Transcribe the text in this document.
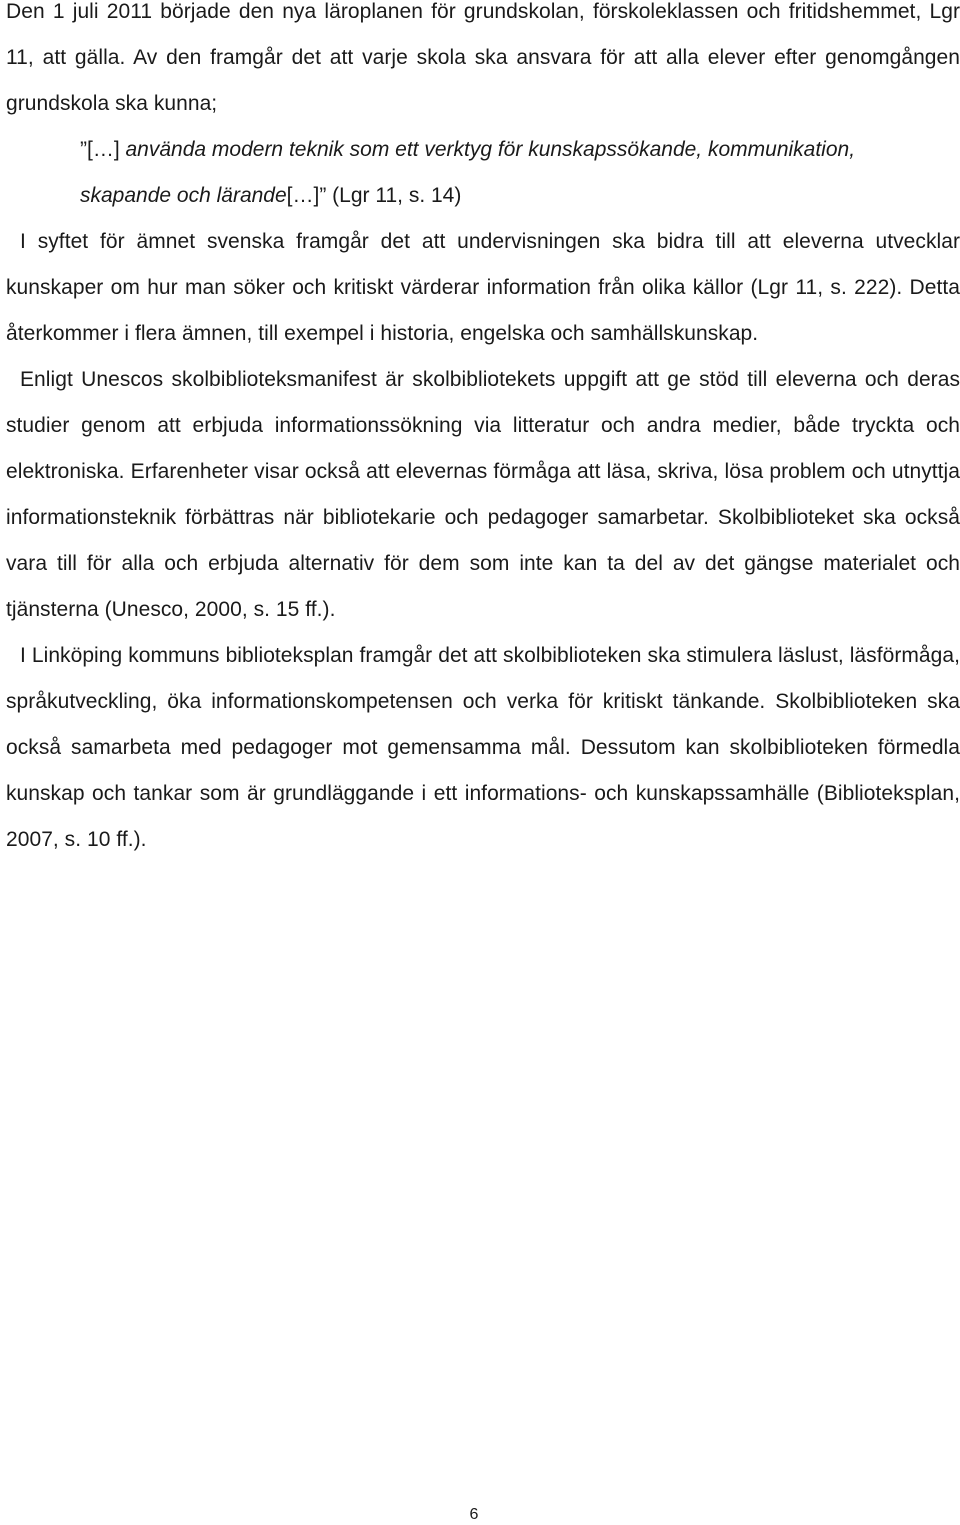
Den 1 juli 2011 började den nya läroplanen för grundskolan, förskoleklassen och fritidshemmet, Lgr 11, att gälla. Av den framgår det att varje skola ska ansvara för att alla elever efter genomgången grundskola ska kunna;

”[…] använda modern teknik som ett verktyg för kunskapssökande, kommunikation, skapande och lärande[…]” (Lgr 11, s. 14)

I syftet för ämnet svenska framgår det att undervisningen ska bidra till att eleverna utvecklar kunskaper om hur man söker och kritiskt värderar information från olika källor (Lgr 11, s. 222). Detta återkommer i flera ämnen, till exempel i historia, engelska och samhällskunskap.

Enligt Unescos skolbiblioteksmanifest är skolbibliotekets uppgift att ge stöd till eleverna och deras studier genom att erbjuda informationssökning via litteratur och andra medier, både tryckta och elektroniska. Erfarenheter visar också att elevernas förmåga att läsa, skriva, lösa problem och utnyttja informationsteknik förbättras när bibliotekarie och pedagoger samarbetar. Skolbiblioteket ska också vara till för alla och erbjuda alternativ för dem som inte kan ta del av det gängse materialet och tjänsterna (Unesco, 2000, s. 15 ff.).

I Linköping kommuns biblioteksplan framgår det att skolbiblioteken ska stimulera läslust, läsförmåga, språkutveckling, öka informationskompetensen och verka för kritiskt tänkande. Skolbiblioteken ska också samarbeta med pedagoger mot gemensamma mål. Dessutom kan skolbiblioteken förmedla kunskap och tankar som är grundläggande i ett informations- och kunskapssamhälle (Biblioteksplan, 2007, s. 10 ff.).

6
